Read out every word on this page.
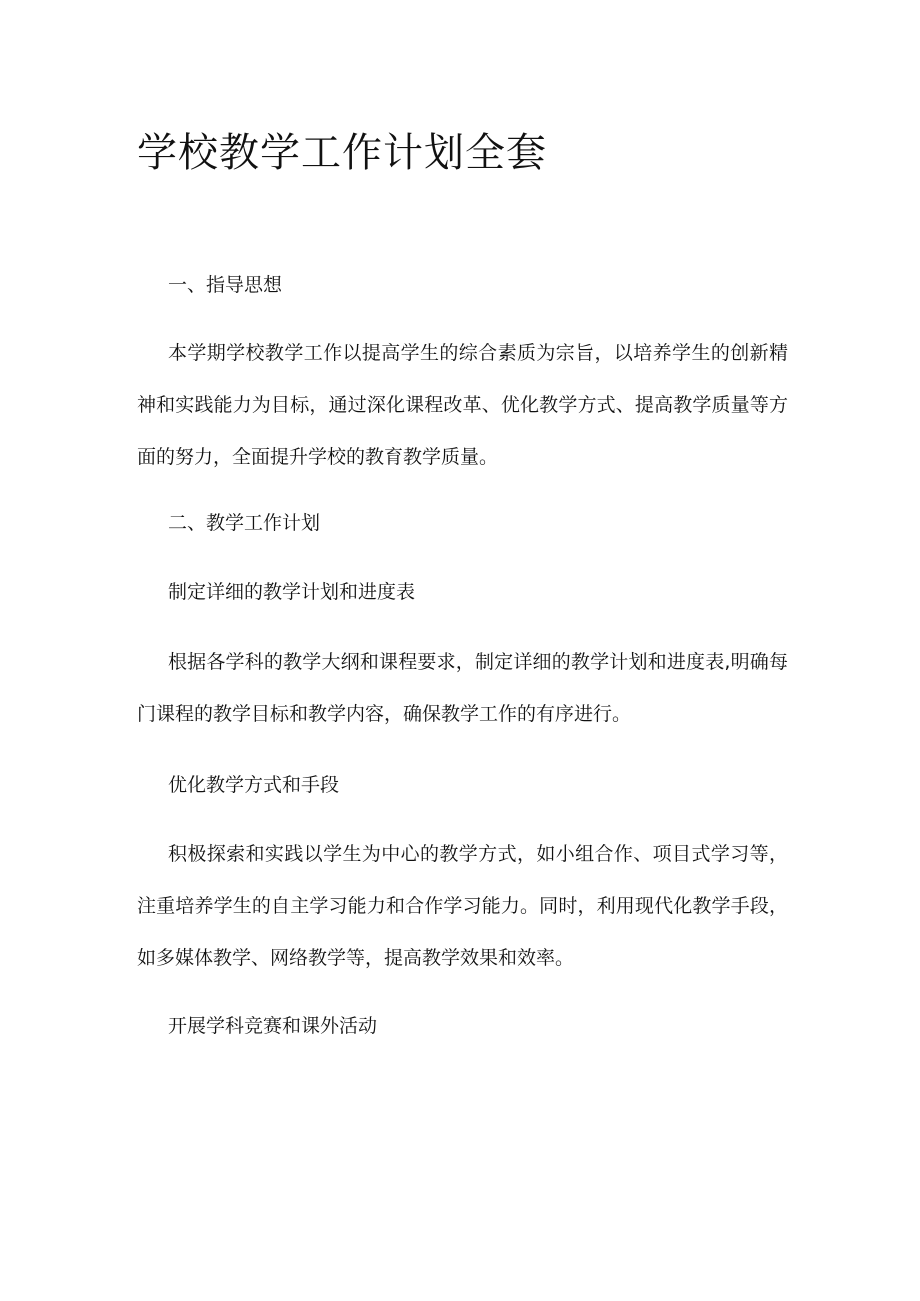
学校教学工作计划全套

一、指导思想

本学期学校教学工作以提高学生的综合素质为宗旨，以培养学生的创新精神和实践能力为目标，通过深化课程改革、优化教学方式、提高教学质量等方面的努力，全面提升学校的教育教学质量。

二、教学工作计划

制定详细的教学计划和进度表

根据各学科的教学大纲和课程要求，制定详细的教学计划和进度表,明确每门课程的教学目标和教学内容，确保教学工作的有序进行。

优化教学方式和手段

积极探索和实践以学生为中心的教学方式，如小组合作、项目式学习等，注重培养学生的自主学习能力和合作学习能力。同时，利用现代化教学手段，如多媒体教学、网络教学等，提高教学效果和效率。

开展学科竞赛和课外活动
